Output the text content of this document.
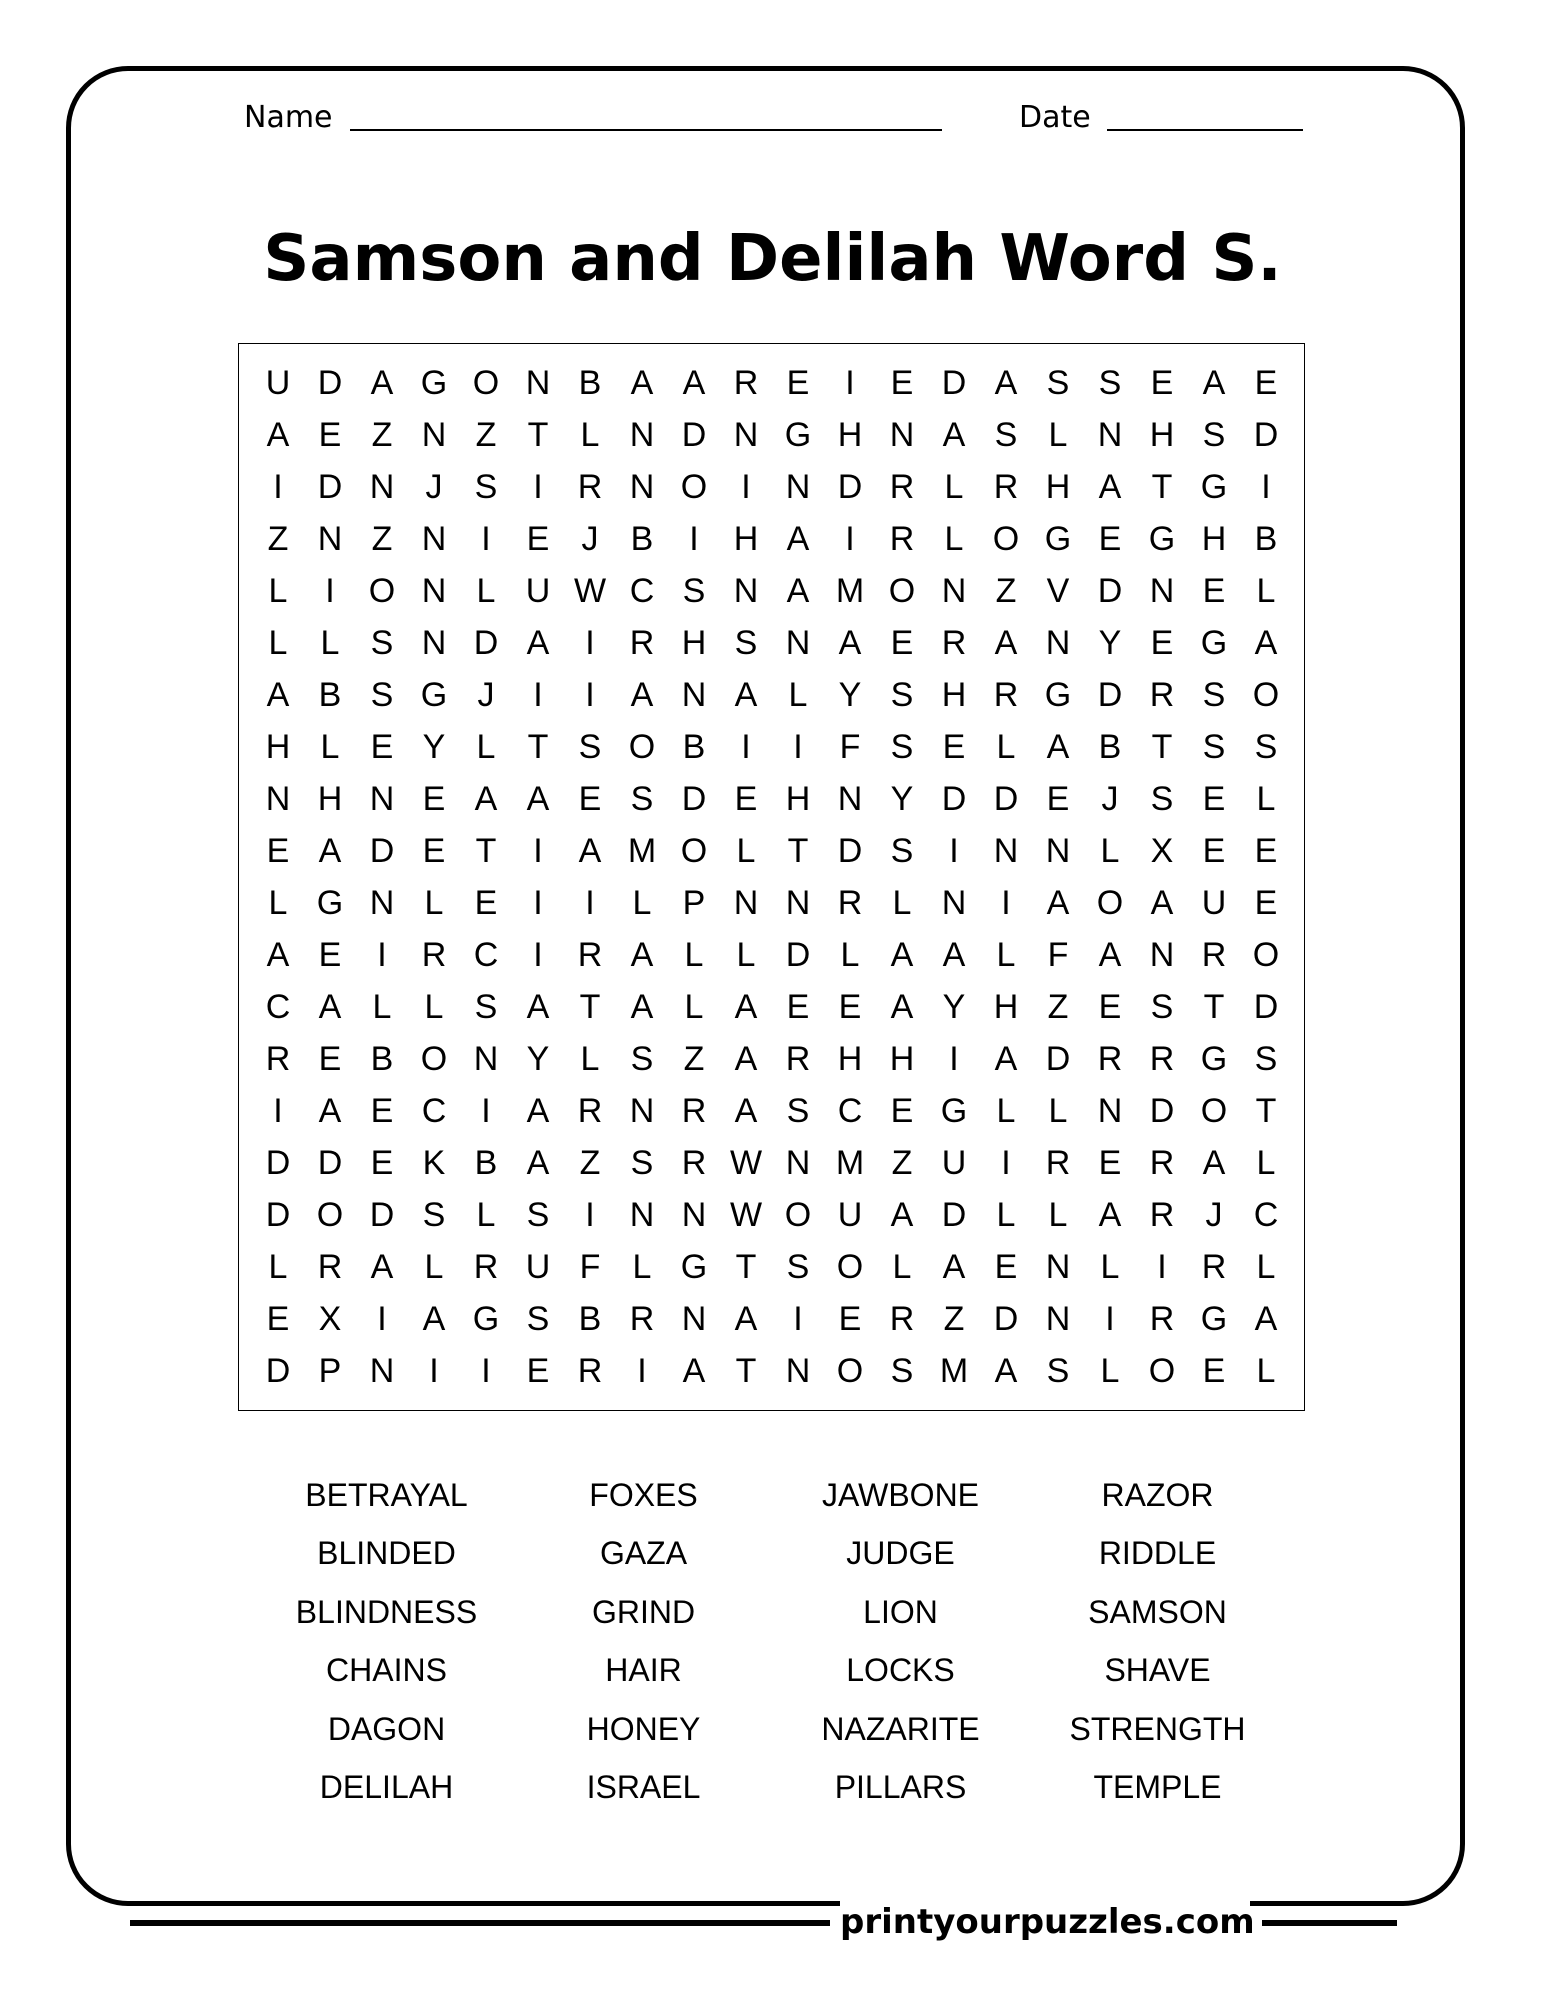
Name	Date
Samson and Delilah Word S.
U D A G O N B A A R E	I	E D A S S E A E
A E Z N Z T L N D N G H N A S L N H S D
I	D N J S	I	R N O	I	N D R L R H A T G	I
Z N Z N	I	E J B	I	H A	I	R L O G E G H B
L	I	O N L U W C S N A M O N Z V D N E L
L L S N D A	I	R H S N A E R A N Y E G A
A B S G J	I	I	A N A L Y S H R G D R S O
H L E Y L T S O B	I	I	F S E L A B T S S
N H N E A A E S D E H N Y D D E J S E L
E A D E T	I	A M O L T D S	I	N N L X E E
L G N L E	I	I	L P N N R L N	I	A O A U E
A E	I	R C	I	R A L L D L A A L F A N R O
C A L L S A T A L A E E A Y H Z E S T D
R E B O N Y L S Z A R H H	I	A D R R G S
I	A E C	I	A R N R A S C E G L L N D O T
D D E K B A Z S R W N M Z U	I	R E R A L
D O D S L S	I	N N W O U A D L L A R J C
L R A L R U F L G T S O L A E N L	I	R L
E X	I	A G S B R N A	I	E R Z D N	I	R G A
D P N	I	I	E R	I	A T N O S M A S L O E L
BETRAYAL	FOXES	JAWBONE	RAZOR
BLINDED	GAZA	JUDGE	RIDDLE
BLINDNESS	GRIND	LION	SAMSON
CHAINS	HAIR	LOCKS	SHAVE
DAGON	HONEY	NAZARITE	STRENGTH
DELILAH	ISRAEL	PILLARS	TEMPLE
printyourpuzzles.com
